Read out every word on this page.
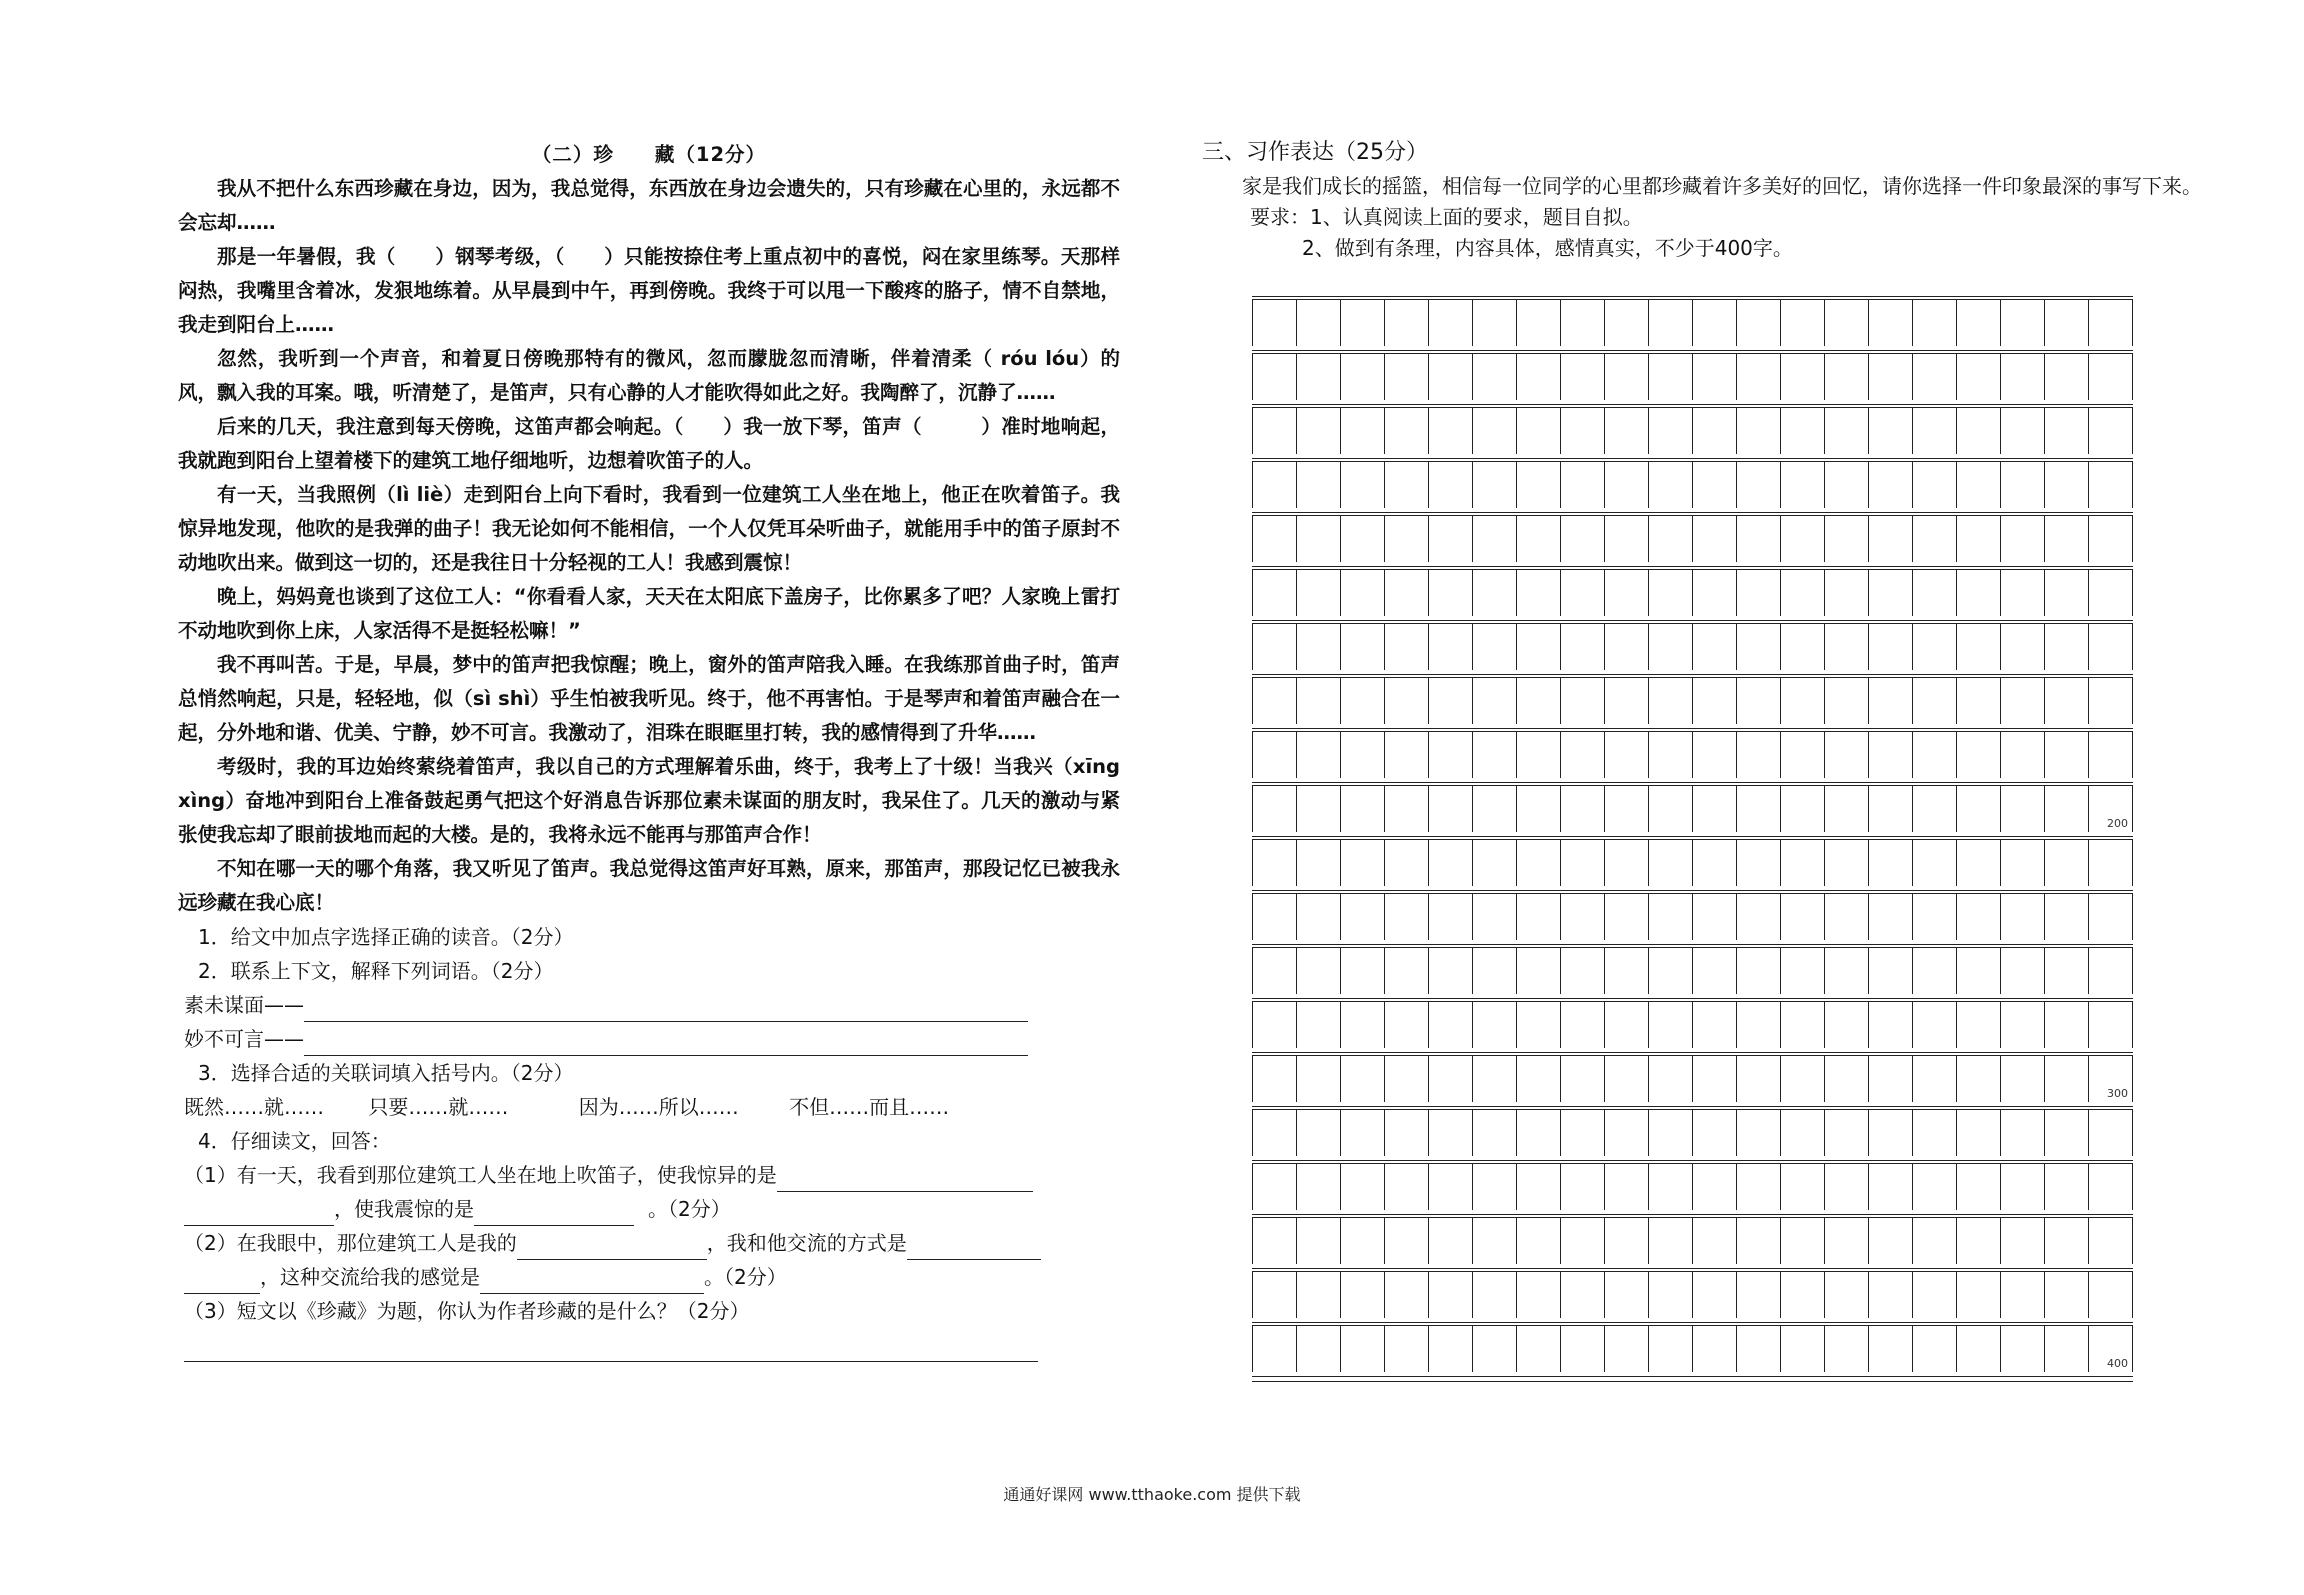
（二）珍　　藏（12分）
我从不把什么东西珍藏在身边，因为，我总觉得，东西放在身边会遗失的，只有珍藏在心里的，永远都不会忘却……
那是一年暑假，我（　　）钢琴考级，（　　）只能按捺住考上重点初中的喜悦，闷在家里练琴。天那样闷热，我嘴里含着冰，发狠地练着。从早晨到中午，再到傍晚。我终于可以甩一下酸疼的胳子，情不自禁地，我走到阳台上……
忽然，我听到一个声音，和着夏日傍晚那特有的微风，忽而朦胧忽而清晰，伴着清柔（ róu lóu）的风，飘入我的耳案。哦，听清楚了，是笛声，只有心静的人才能吹得如此之好。我陶醉了，沉静了……
后来的几天，我注意到每天傍晚，这笛声都会响起。（　　）我一放下琴，笛声（　　　）准时地响起，我就跑到阳台上望着楼下的建筑工地仔细地听，边想着吹笛子的人。
有一天，当我照例（lì liè）走到阳台上向下看时，我看到一位建筑工人坐在地上，他正在吹着笛子。我惊异地发现，他吹的是我弹的曲子！我无论如何不能相信，一个人仅凭耳朵听曲子，就能用手中的笛子原封不动地吹出来。做到这一切的，还是我往日十分轻视的工人！我感到震惊！
晚上，妈妈竟也谈到了这位工人：“你看看人家，天天在太阳底下盖房子，比你累多了吧？人家晚上雷打不动地吹到你上床，人家活得不是挺轻松嘛！”
我不再叫苦。于是，早晨，梦中的笛声把我惊醒；晚上，窗外的笛声陪我入睡。在我练那首曲子时，笛声总悄然响起，只是，轻轻地，似（sì shì）乎生怕被我听见。终于，他不再害怕。于是琴声和着笛声融合在一起，分外地和谐、优美、宁静，妙不可言。我激动了，泪珠在眼眶里打转，我的感情得到了升华……
考级时，我的耳边始终萦绕着笛声，我以自己的方式理解着乐曲，终于，我考上了十级！当我兴（xīng xìng）奋地冲到阳台上准备鼓起勇气把这个好消息告诉那位素未谋面的朋友时，我呆住了。几天的激动与紧张使我忘却了眼前拔地而起的大楼。是的，我将永远不能再与那笛声合作！
不知在哪一天的哪个角落，我又听见了笛声。我总觉得这笛声好耳熟，原来，那笛声，那段记忆已被我永远珍藏在我心底！
1．给文中加点字选择正确的读音。（2分）
2．联系上下文，解释下列词语。（2分）
素未谋面——
妙不可言——
3．选择合适的关联词填入括号内。（2分）
既然……就…… 只要……就……	因为……所以……	不但……而且……
4．仔细读文，回答：
（1）有一天，我看到那位建筑工人坐在地上吹笛子，使我惊异的是
，使我震惊的是	。（2分）
（2）在我眼中，那位建筑工人是我的	，我和他交流的方式是
，这种交流给我的感觉是	。（2分）
（3）短文以《珍藏》为题，你认为作者珍藏的是什么？（2分）
三、习作表达（25分）
家是我们成长的摇篮，相信每一位同学的心里都珍藏着许多美好的回忆，请你选择一件印象最深的事写下来。
要求：1、认真阅读上面的要求，题目自拟。
2、做到有条理，内容具体，感情真实，不少于400字。
200
300
400
通通好课网 www.tthaoke.com 提供下载
